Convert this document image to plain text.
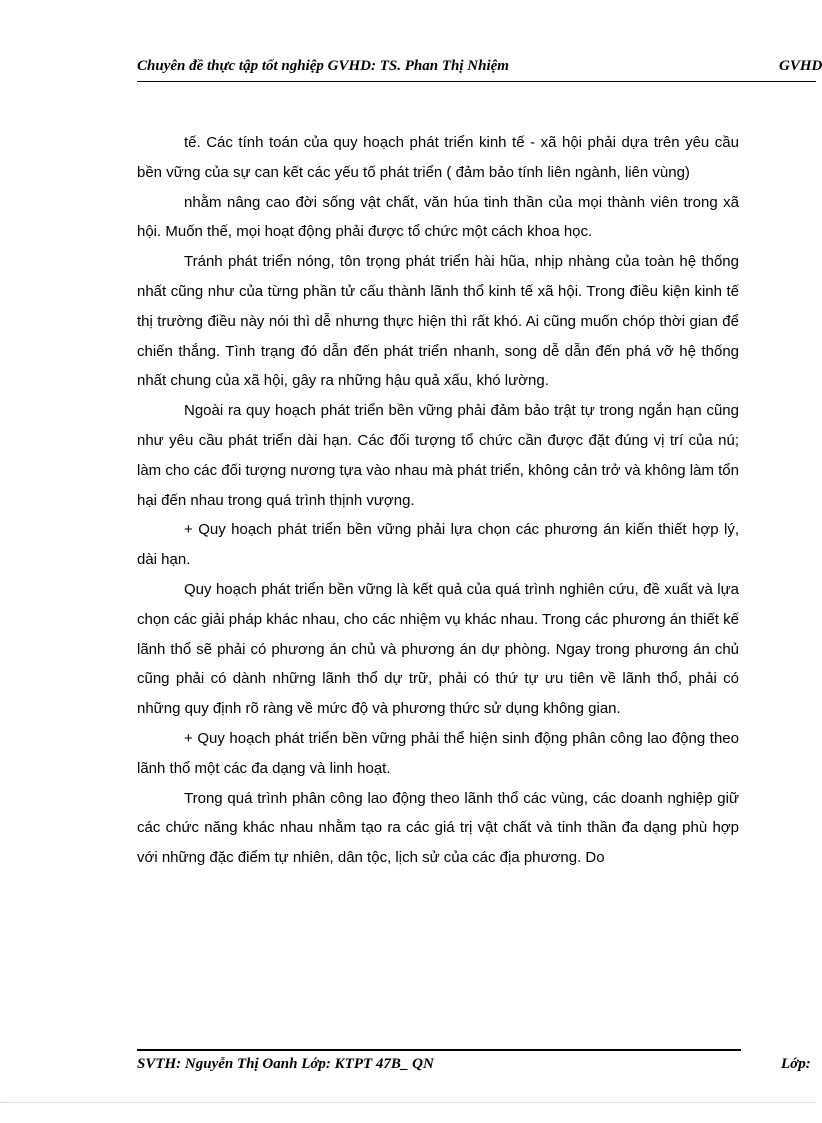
Chuyên đề thực tập tốt nghiệp GVHD: TS. Phan Thị Nhiệm	GVHD

tế. Các tính toán của quy hoạch phát triển kinh tế - xã hội phải dựa trên yêu cầu bền vững của sự can kết các yếu tố phát triển ( đảm bảo tính liên ngành, liên vùng)

nhằm nâng cao đời sống vật chất, văn húa tinh thần của mọi thành viên trong xã hội. Muốn thế, mọi hoạt động phải được tổ chức một cách khoa học.

Tránh phát triển nóng, tôn trọng phát triển hài hũa, nhịp nhàng của toàn hệ thống nhất cũng như của từng phần tử cấu thành lãnh thổ kinh tế xã hội. Trong điều kiện kinh tế thị trường điều này nói thì dễ nhưng thực hiện thì rất khó. Ai cũng muốn chóp thời gian để chiến thắng. Tình trạng đó dẫn đến phát triển nhanh, song dễ dẫn đến phá vỡ hệ thống nhất chung của xã hội, gây ra những hậu quả xấu, khó lường.

Ngoài ra quy hoạch phát triển bền vững phải đảm bảo trật tự trong ngắn hạn cũng như yêu cầu phát triển dài hạn. Các đối tượng tổ chức cần được đặt đúng vị trí của nú; làm cho các đối tượng nương tựa vào nhau mà phát triển, không cản trở và không làm tổn hại đến nhau trong quá trình thịnh vượng.

+ Quy hoạch phát triển bền vững phải lựa chọn các phương án kiến thiết hợp lý, dài hạn.

Quy hoạch phát triển bền vững là kết quả của quá trình nghiên cứu, đề xuất và lựa chọn các giải pháp khác nhau, cho các nhiệm vụ khác nhau. Trong các phương án thiết kế lãnh thổ sẽ phải có phương án chủ và phương án dự phòng. Ngay trong phương án chủ cũng phải có dành những lãnh thổ dự trữ, phải có thứ tự ưu tiên về lãnh thổ, phải có những quy định rõ ràng về mức độ và phương thức sử dụng không gian.

+ Quy hoạch phát triển bền vững phải thể hiện sinh động phân công lao động theo lãnh thổ một các đa dạng và linh hoạt.

Trong quá trình phân công lao động theo lãnh thổ các vùng, các doanh nghiệp giữ các chức năng khác nhau nhằm tạo ra các giá trị vật chất và tinh thần đa dạng phù hợp với những đặc điểm tự nhiên, dân tộc, lịch sử của các địa phương. Do

SVTH: Nguyễn Thị Oanh Lớp: KTPT 47B_ QN	Lớp:
